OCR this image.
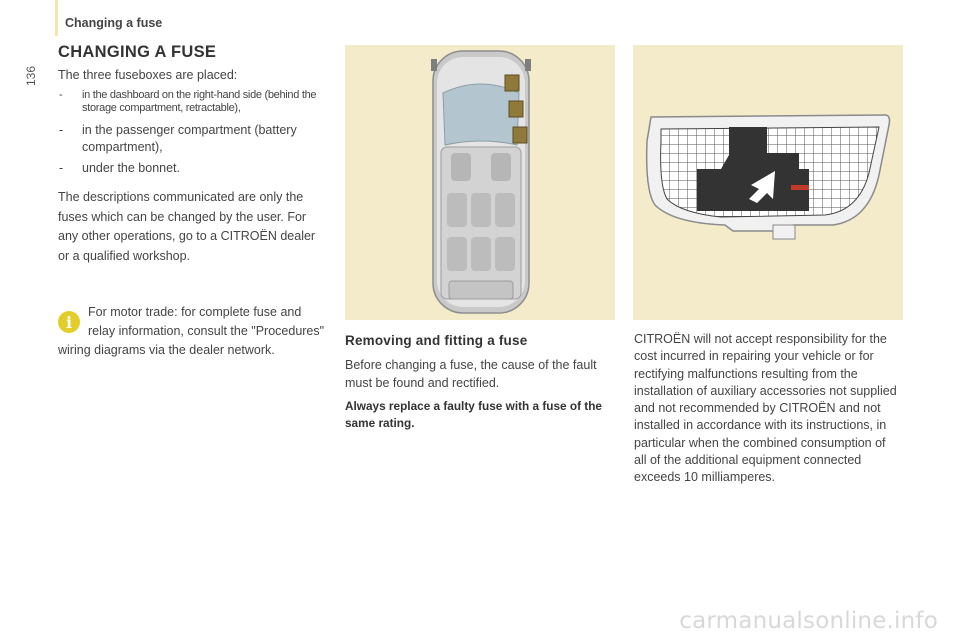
Changing a fuse
136
CHANGING A FUSE

The three fuseboxes are placed:

- in the dashboard on the right-hand side (behind the storage compartment, retractable),
- in the passenger compartment (battery compartment),
- under the bonnet.

The descriptions communicated are only the fuses which can be changed by the user. For any other operations, go to a CITROËN dealer or a qualified workshop.

i
For motor trade: for complete fuse and relay information, consult the "Procedures" wiring diagrams via the dealer network.
Removing and fitting a fuse

Before changing a fuse, the cause of the fault must be found and rectified.

Always replace a faulty fuse with a fuse of the same rating.

CITROËN will not accept responsibility for the cost incurred in repairing your vehicle or for rectifying malfunctions resulting from the installation of auxiliary accessories not supplied and not recommended by CITROËN and not installed in accordance with its instructions, in particular when the combined consumption of all of the additional equipment connected exceeds 10 milliamperes.

carmanualsonline.info
